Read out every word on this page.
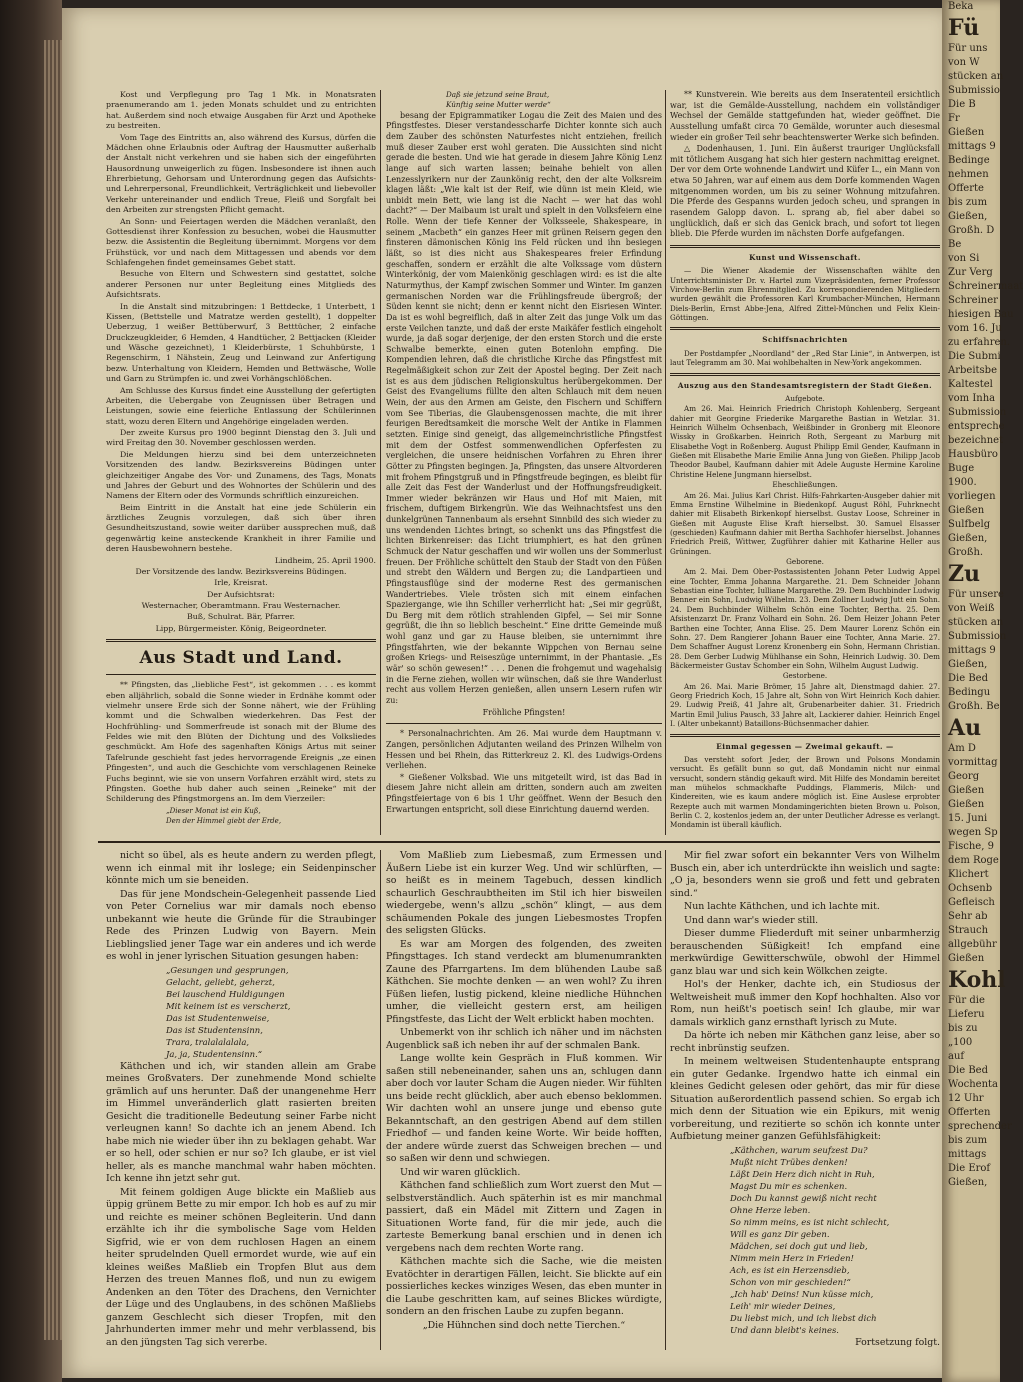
Kost und Verpflegung pro Tag 1 Mk. in Monatsraten praenumerando am 1. jeden Monats schuldet und zu entrichten hat. Außerdem sind noch etwaige Ausgaben für Arzt und Apotheke zu bestreiten.

Vom Tage des Eintritts an, also während des Kursus, dürfen die Mädchen ohne Erlaubnis oder Auftrag der Hausmutter außerhalb der Anstalt nicht verkehren und sie haben sich der eingeführten Hausordnung unweigerlich zu fügen. Insbesondere ist ihnen auch Ehrerbietung, Gehorsam und Unterordnung gegen das Aufsichts- und Lehrerpersonal, Freundlichkeit, Verträglichkeit und liebevoller Verkehr untereinander und endlich Treue, Fleiß und Sorgfalt bei den Arbeiten zur strengsten Pflicht gemacht.

An Sonn- und Feiertagen werden die Mädchen veranlaßt, den Gottesdienst ihrer Konfession zu besuchen, wobei die Hausmutter bezw. die Assistentin die Begleitung übernimmt. Morgens vor dem Frühstück, vor und nach dem Mittagessen und abends vor dem Schlafengehen findet gemeinsames Gebet statt.

Besuche von Eltern und Schwestern sind gestattet, solche anderer Personen nur unter Begleitung eines Mitglieds des Aufsichtsrats.

In die Anstalt sind mitzubringen: 1 Bettdecke, 1 Unterbett, 1 Kissen, (Bettstelle und Matratze werden gestellt), 1 doppelter Ueberzug, 1 weißer Bettüberwurf, 3 Betttücher, 2 einfache Druckzeugkleider, 6 Hemden, 4 Handtücher, 2 Bettjacken (Kleider und Wäsche gezeichnet), 1 Kleiderbürste, 1 Schuhbürste, 1 Regenschirm, 1 Nähstein, Zeug und Leinwand zur Anfertigung bezw. Unterhaltung von Kleidern, Hemden und Bettwäsche, Wolle und Garn zu Strümpfen ic. und zwei Vorhängschlößchen.

Am Schlusse des Kursus findet eine Ausstellung der gefertigten Arbeiten, die Uebergabe von Zeugnissen über Betragen und Leistungen, sowie eine feierliche Entlassung der Schülerinnen statt, wozu deren Eltern und Angehörige eingeladen werden.

Der zweite Kursus pro 1900 beginnt Dienstag den 3. Juli und wird Freitag den 30. November geschlossen werden.

Die Meldungen hierzu sind bei dem unterzeichneten Vorsitzenden des landw. Bezirksvereins Büdingen unter gleichzeitiger Angabe des Vor- und Zunamens, des Tags, Monats und Jahres der Geburt und des Wohnortes der Schülerin und des Namens der Eltern oder des Vormunds schriftlich einzureichen.

Beim Eintritt in die Anstalt hat eine jede Schülerin ein ärztliches Zeugnis vorzulegen, daß sich über ihren Gesundheitszustand, sowie weiter darüber aussprechen muß, daß gegenwärtig keine ansteckende Krankheit in ihrer Familie und deren Hausbewohnern bestehe.

Lindheim, 25. April 1900.

Der Vorsitzende des landw. Bezirksvereins Büdingen.

Irle, Kreisrat.

Der Aufsichtsrat:

Westernacher, Oberamtmann. Frau Westernacher.

Buß, Schulrat. Bär, Pfarrer.

Lipp, Bürgermeister. König, Beigeordneter.

Aus Stadt und Land.

** Pfingsten, das „liebliche Fest“, ist gekommen . . . es kommt eben alljährlich, sobald die Sonne wieder in Erdnähe kommt oder vielmehr unsere Erde sich der Sonne nähert, wie der Frühling kommt und die Schwalben wiederkehren. Das Fest der Hochfrühling- und Sommerfreude ist sonach mit der Blume des Feldes wie mit den Blüten der Dichtung und des Volksliedes geschmückt. Am Hofe des sagenhaften Königs Artus mit seiner Tafelrunde geschieht fast jedes hervorragende Ereignis „ze einen Pfingesten“, und auch die Geschichte vom verschlagenen Reineke Fuchs beginnt, wie sie von unsern Vorfahren erzählt wird, stets zu Pfingsten. Goethe hub daher auch seinen „Reineke“ mit der Schilderung des Pfingstmorgens an. Im dem Vierzeiler:

„Dieser Monat ist ein Kuß,

Den der Himmel giebt der Erde,

Daß sie jetzund seine Braut,

Künftig seine Mutter werde“

besang der Epigrammatiker Logau die Zeit des Maien und des Pfingstfestes. Dieser verstandesscharfe Dichter konnte sich auch dem Zauber des schönsten Naturfestes nicht entziehen, freilich muß dieser Zauber erst wohl geraten. Die Aussichten sind nicht gerade die besten. Und wie hat gerade in diesem Jahre König Lenz lange auf sich warten lassen; beinahe behielt von allen Lenzesslyrikern nur der Zaunkönig recht, den der alte Volksreim klagen läßt: „Wie kalt ist der Reif, wie dünn ist mein Kleid, wie unbidt mein Bett, wie lang ist die Nacht — wer hat das wohl dacht?“ — Der Maibaum ist uralt und spielt in den Volksfeiern eine Rolle. Wenn der tiefe Kenner der Volksseele, Shakespeare, in seinem „Macbeth“ ein ganzes Heer mit grünen Reisern gegen den finsteren dämonischen König ins Feld rücken und ihn besiegen läßt, so ist dies nicht aus Shakespeares freier Erfindung geschaffen, sondern er erzählt die alte Volkssage vom düstern Winterkönig, der vom Maienkönig geschlagen wird: es ist die alte Naturmythus, der Kampf zwischen Sommer und Winter. Im ganzen germanischen Norden war die Frühlingsfreude übergroß; der Süden kennt sie nicht; denn er kennt nicht den Eisriesen Winter. Da ist es wohl begreiflich, daß in alter Zeit das junge Volk um das erste Veilchen tanzte, und daß der erste Maikäfer festlich eingeholt wurde, ja daß sogar derjenige, der den ersten Storch und die erste Schwalbe bemerkte, einen guten Botenlohn empfing. Die Kompendien lehren, daß die christliche Kirche das Pfingstfest mit Regelmäßigkeit schon zur Zeit der Apostel beging. Der Zeit nach ist es aus dem jüdischen Religionskultus herübergekommen. Der Geist des Evangeliums füllte den alten Schlauch mit dem neuen Wein, der aus den Armen am Geiste, den Fischern und Schiffern vom See Tiberias, die Glaubensgenossen machte, die mit ihrer feurigen Beredtsamkeit die morsche Welt der Antike in Flammen setzten. Einige sind geneigt, das allgemeinchristliche Pfingstfest mit dem der Ostfest sommenwendlichen Opferfesten zu vergleichen, die unsere heidnischen Vorfahren zu Ehren ihrer Götter zu Pfingsten begingen. Ja, Pfingsten, das unsere Altvorderen mit frohem Pfingstgruß und in Pfingstfreude begingen, es bleibt für alle Zeit das Fest der Wanderlust und der Hoffnungsfreudigkeit. Immer wieder bekränzen wir Haus und Hof mit Maien, mit frischem, duftigem Birkengrün. Wie das Weihnachtsfest uns den dunkelgrünen Tannenbaum als ersehnt Sinnbild des sich wieder zu uns wendenden Lichtes bringt, so schenkt uns das Pfingstfest die lichten Birkenreiser: das Licht triumphiert, es hat den grünen Schmuck der Natur geschaffen und wir wollen uns der Sommerlust freuen. Der Fröhliche schüttelt den Staub der Stadt von den Füßen und strebt den Wäldern und Bergen zu; die Landpartieen und Pfingstausflüge sind der moderne Rest des germanischen Wandertriebes. Viele trösten sich mit einem einfachen Spaziergange, wie ihn Schiller verherrlicht hat: „Sei mir gegrüßt, Du Berg mit dem rötlich strahlenden Gipfel, — Sei mir Sonne gegrüßt, die ihn so lieblich bescheint.“ Eine dritte Gemeinde muß wohl ganz und gar zu Hause bleiben, sie unternimmt ihre Pfingstfahrten, wie der bekannte Wippchen von Bernau seine großen Kriegs- und Reiseszüge unternimmt, in der Phantasie. „Es wär' so schön gewesen!“ . . . Denen die frohgemut und wagehalsig in die Ferne ziehen, wollen wir wünschen, daß sie ihre Wanderlust recht aus vollem Herzen genießen, allen unsern Lesern rufen wir zu:

Fröhliche Pfingsten!

* Personalnachrichten. Am 26. Mai wurde dem Hauptmann v. Zangen, persönlichen Adjutanten weiland des Prinzen Wilhelm von Hessen und bei Rhein, das Ritterkreuz 2. Kl. des Ludwigs-Ordens verliehen.

* Gießener Volksbad. Wie uns mitgeteilt wird, ist das Bad in diesem Jahre nicht allein am dritten, sondern auch am zweiten Pfingstfeiertage von 6 bis 1 Uhr geöffnet. Wenn der Besuch den Erwartungen entspricht, soll diese Einrichtung dauernd werden.

** Kunstverein. Wie bereits aus dem Inseratenteil ersichtlich war, ist die Gemälde-Ausstellung, nachdem ein vollständiger Wechsel der Gemälde stattgefunden hat, wieder geöffnet. Die Ausstellung umfaßt circa 70 Gemälde, worunter auch diesesmal wieder ein großer Teil sehr beachtenswerter Werke sich befinden.

△ Dodenhausen, 1. Juni. Ein äußerst trauriger Unglücksfall mit tötlichem Ausgang hat sich hier gestern nachmittag ereignet. Der vor dem Orte wohnende Landwirt und Küfer L., ein Mann von etwa 50 Jahren, war auf einem aus dem Dorfe kommenden Wagen mitgenommen worden, um bis zu seiner Wohnung mitzufahren. Die Pferde des Gespanns wurden jedoch scheu, und sprangen in rasendem Galopp davon. L. sprang ab, fiel aber dabei so unglücklich, daß er sich das Genick brach, und sofort tot liegen blieb. Die Pferde wurden im nächsten Dorfe aufgefangen.

Kunst und Wissenschaft.

— Die Wiener Akademie der Wissenschaften wählte den Unterrichtsminister Dr. v. Hartel zum Vizepräsidenten, ferner Professor Virchow-Berlin zum Ehrenmitglied. Zu korrespondierenden Mitgliedern wurden gewählt die Professoren Karl Krumbacher-München, Hermann Diels-Berlin, Ernst Abbe-Jena, Alfred Zittel-München und Felix Klein-Göttingen.

Schiffsnachrichten

Der Postdampfer „Noordland“ der „Red Star Linie“, in Antwerpen, ist laut Telegramm am 30. Mai wohlbehalten in New-York angekommen.

Auszug aus den Standesamtsregistern der Stadt Gießen.

Aufgebote.

Am 26. Mai. Heinrich Friedrich Christoph Kohlenberg, Sergeant dahier mit Georgine Friederike Margarethe Bastian in Wetzlar. 31. Heinrich Wilhelm Ochsenbach, Weißbinder in Gronberg mit Eleonore Wissky in Großkarben. Heinrich Roth, Sergeant zu Marburg mit Elisabethe Vogt in Roßenberg. August Philipp Emil Gender, Kaufmann in Gießen mit Elisabethe Marie Emilie Anna Jung von Gießen. Philipp Jacob Theodor Baubel, Kaufmann dahier mit Adele Auguste Hermine Karoline Christine Helene Jungmann hierselbst.

Eheschließungen.

Am 26. Mai. Julius Karl Christ. Hilfs-Fahrkarten-Ausgeber dahier mit Emma Ernstine Wilhelmine in Biedenkopf. August Röhl, Fuhrknecht dahier mit Elisabeth Birkenkopf hierselbst. Gustav Loose, Schreiner in Gießen mit Auguste Elise Kraft hierselbst. 30. Samuel Elsasser (geschieden) Kaufmann dahier mit Bertha Sachhofer hierselbst. Johannes Friedrich Preiß, Wittwer, Zugführer dahier mit Katharine Heller aus Grüningen.

Geborene.

Am 2. Mai. Dem Ober-Postassistenten Johann Peter Ludwig Appel eine Tochter, Emma Johanna Margarethe. 21. Dem Schneider Johann Sebastian eine Tochter, Iulliane Margarethe. 29. Dem Buchbinder Ludwig Benner ein Sohn, Ludwig Wilhelm. 23. Dem Zollner Ludwig Jutt ein Sohn. 24. Dem Buchbinder Wilhelm Schön eine Tochter, Bertha. 25. Dem Afsistenzarzt Dr. Franz Volhard ein Sohn. 26. Dem Heizer Johann Peter Barthen eine Tochter, Anna Elise. 25. Dem Maurer Lorenz Schön ein Sohn. 27. Dem Rangierer Johann Bauer eine Tochter, Anna Marie. 27. Dem Schaffner August Lorenz Kronenberg ein Sohn, Hermann Christian. 28. Dem Gerber Ludwig Mühlhanse ein Sohn, Heinrich Ludwig. 30. Dem Bäckermeister Gustav Schomber ein Sohn, Wilhelm August Ludwig.

Gestorbene.

Am 26. Mai. Marie Brömer, 15 Jahre alt, Dienstmagd dahier. 27. Georg Friedrich Koch, 15 Jahre alt, Sohn von Wirt Heinrich Koch dahier. 29. Ludwig Preiß, 41 Jahre alt, Grubenarbeiter dahier. 31. Friedrich Martin Emil Julius Pausch, 33 Jahre alt, Lackierer dahier. Heinrich Engel I. (Alter unbekannt) Bataillons-Büchsenmacher dahier.

Einmal gegessen — Zweimal gekauft. —

Das versteht sofort Jeder, der Brown und Polsons Mondamin versucht. Es gefällt bunn so gut, daß Mondamin nicht nur einmal versucht, sondern ständig gekauft wird. Mit Hilfe des Mondamin bereitet man mühelos schmackhafte Puddings, Flammeris, Milch- und Kindereiten, wie es kaum andere möglich ist. Eine Auslese erprobter Rezepte auch mit warmen Mondamingerichten bieten Brown u. Polson, Berlin C. 2, kostenlos jedem an, der unter Deutlicher Adresse es verlangt. Mondamin ist überall käuflich.

nicht so übel, als es heute andern zu werden pflegt, wenn ich einmal mit ihr loslege; ein Seidenpinscher könnte mich um sie beneiden.

Das für jene Mondschein-Gelegenheit passende Lied von Peter Cornelius war mir damals noch ebenso unbekannt wie heute die Gründe für die Straubinger Rede des Prinzen Ludwig von Bayern. Mein Lieblingslied jener Tage war ein anderes und ich werde es wohl in jener lyrischen Situation gesungen haben:

„Gesungen und gesprungen,

Gelacht, geliebt, geherzt,

Bei lauschend Huldigungen

Mit keinem ist es verscherzt,

Das ist Studentenweise,

Das ist Studentensinn,

Trara, tralalalalala,

Ja, ja, Studentensinn.“

Käthchen und ich, wir standen allein am Grabe meines Großvaters. Der zunehmende Mond schielte grämlich auf uns herunter. Daß der unangenehme Herr im Himmel unveränderlich glatt rasierten breiten Gesicht die traditionelle Bedeutung seiner Farbe nicht verleugnen kann! So dachte ich an jenem Abend. Ich habe mich nie wieder über ihn zu beklagen gehabt. War er so hell, oder schien er nur so? Ich glaube, er ist viel heller, als es manche manchmal wahr haben möchten. Ich kenne ihn jetzt sehr gut.

Mit feinem goldigen Auge blickte ein Maßlieb aus üppig grünem Bette zu mir empor. Ich hob es auf zu mir und reichte es meiner schönen Begleiterin. Und dann erzählte ich ihr die symbolische Sage vom Helden Sigfrid, wie er von dem ruchlosen Hagen an einem heiter sprudelnden Quell ermordet wurde, wie auf ein kleines weißes Maßlieb ein Tropfen Blut aus dem Herzen des treuen Mannes floß, und nun zu ewigem Andenken an den Töter des Drachens, den Vernichter der Lüge und des Unglaubens, in des schönen Maßliebs ganzem Geschlecht sich dieser Tropfen, mit den Jahrhunderten immer mehr und mehr verblassend, bis an den jüngsten Tag sich vererbe.

Vom Maßlieb zum Liebesmaß, zum Ermessen und Äußern Liebe ist ein kurzer Weg. Und wir schlürften, — so heißt es in meinem Tagebuch, dessen kindlich schaurlich Geschraubtheiten im Stil ich hier bisweilen wiedergebe, wenn's allzu „schön“ klingt, — aus dem schäumenden Pokale des jungen Liebesmostes Tropfen des seligsten Glücks.

Es war am Morgen des folgenden, des zweiten Pfingsttages. Ich stand verdeckt am blumenumrankten Zaune des Pfarrgartens. Im dem blühenden Laube saß Käthchen. Sie mochte denken — an wen wohl? Zu ihren Füßen liefen, lustig pickend, kleine niedliche Hühnchen umher, die vielleicht gestern erst, am heiligen Pfingstfeste, das Licht der Welt erblickt haben mochten.

Unbemerkt von ihr schlich ich näher und im nächsten Augenblick saß ich neben ihr auf der schmalen Bank.

Lange wollte kein Gespräch in Fluß kommen. Wir saßen still nebeneinander, sahen uns an, schlugen dann aber doch vor lauter Scham die Augen nieder. Wir fühlten uns beide recht glücklich, aber auch ebenso beklommen. Wir dachten wohl an unsere junge und ebenso gute Bekanntschaft, an den gestrigen Abend auf dem stillen Friedhof — und fanden keine Worte. Wir beide hofften, der andere würde zuerst das Schweigen brechen — und so saßen wir denn und schwiegen.

Und wir waren glücklich.

Käthchen fand schließlich zum Wort zuerst den Mut — selbstverständlich. Auch späterhin ist es mir manchmal passiert, daß ein Mädel mit Zittern und Zagen in Situationen Worte fand, für die mir jede, auch die zarteste Bemerkung banal erschien und in denen ich vergebens nach dem rechten Worte rang.

Käthchen machte sich die Sache, wie die meisten Evatöchter in derartigen Fällen, leicht. Sie blickte auf ein possierliches keckes winziges Wesen, das eben munter in die Laube geschritten kam, auf seines Blickes würdigte, sondern an den frischen Laube zu zupfen begann.

„Die Hühnchen sind doch nette Tierchen.“

Mir fiel zwar sofort ein bekannter Vers von Wilhelm Busch ein, aber ich unterdrückte ihn weislich und sagte: „O ja, besonders wenn sie groß und fett und gebraten sind.“

Nun lachte Käthchen, und ich lachte mit.

Und dann war's wieder still.

Dieser dumme Fliederduft mit seiner unbarmherzig berauschenden Süßigkeit! Ich empfand eine merkwürdige Gewitterschwüle, obwohl der Himmel ganz blau war und sich kein Wölkchen zeigte.

Hol's der Henker, dachte ich, ein Studiosus der Weltweisheit muß immer den Kopf hochhalten. Also vor Rom, nun heißt's poetisch sein! Ich glaube, mir war damals wirklich ganz ernsthaft lyrisch zu Mute.

Da hörte ich neben mir Käthchen ganz leise, aber so recht inbrünstig seufzen.

In meinem weltweisen Studentenhaupte entsprang ein guter Gedanke. Irgendwo hatte ich einmal ein kleines Gedicht gelesen oder gehört, das mir für diese Situation außerordentlich passend schien. So ergab ich mich denn der Situation wie ein Epikurs, mit wenig vorbereitung, und rezitierte so schön ich konnte unter Aufbietung meiner ganzen Gefühlsfähigkeit:

„Käthchen, warum seufzest Du?

Mußt nicht Trübes denken!

Läßt Dein Herz dich nicht in Ruh,

Magst Du mir es schenken.

Doch Du kannst gewiß nicht recht

Ohne Herze leben.

So nimm meins, es ist nicht schlecht,

Will es ganz Dir geben.

Mädchen, sei doch gut und lieb,

Nimm mein Herz in Frieden!

Ach, es ist ein Herzensdieb,

Schon von mir geschieden!“

„Ich hab' Deins! Nun küsse mich,

Leih' mir wieder Deines,

Du liebst mich, und ich liebst dich

Und dann bleibt's keines.

Fortsetzung folgt.

Beka
Fü
Für uns
von W
stücken an
Submissio
Die B
Fr
Gießen
mittags 9
Bedinge
nehmen
Offerte
bis zum
Gießen,
Großh. D
Be
von Si
Zur Verg
Schreinermaat
Schreiner
hiesigen Bau
vom 16. Ju
zu erfahren.
Die Submi
Arbeitsbe
Kaltestel
vom Inha
Submission
entspreche
bezeichnet
Hausbüro
Buge
1900.
vorliegen
Gießen
Sulfbelg
Gießen,
Großh.
Zu
Für unsere
von Weiß
stücken an
Submission
mittags 9
Gießen,
Die Bed
Bedingu
Großh. Be
Au
Am D
vormittag
Georg
Gießen
Gießen
15. Juni
wegen Sp
Fische, 9
dem Roge
Klichert
Ochsenb
Gefleisch
Sehr ab
Strauch
allgebühr
Gießen
Kohl
Für die
Lieferu
bis zu
„100
auf
Die Bed
Wochenta
12 Uhr
Offerten
sprechender
bis zum
mittags
Die Erof
Gießen,
